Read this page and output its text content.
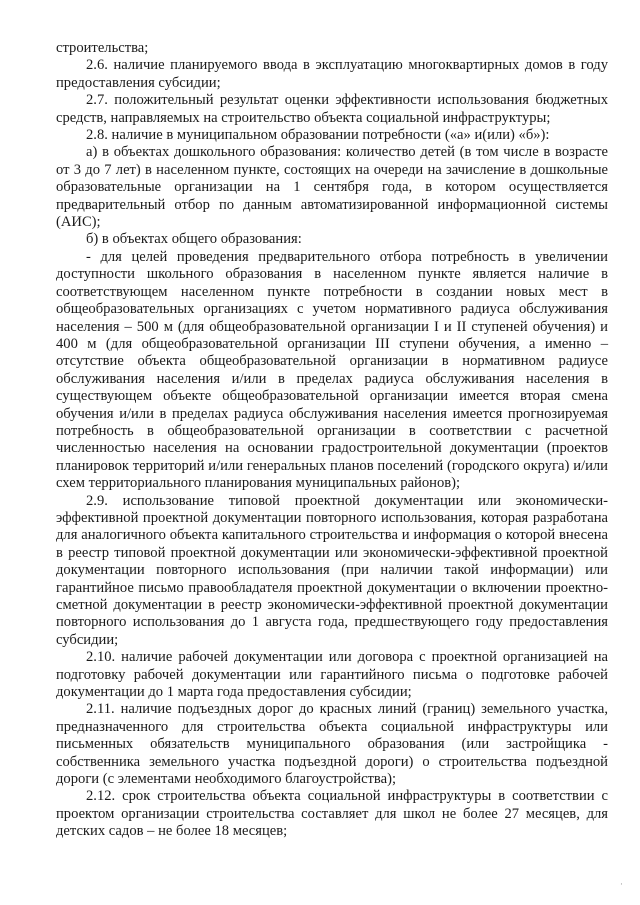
строительства;

2.6. наличие планируемого ввода в эксплуатацию многоквартирных домов в году предоставления субсидии;

2.7. положительный результат оценки эффективности использования бюджетных средств, направляемых на строительство объекта социальной инфраструктуры;

2.8. наличие в муниципальном образовании потребности («а» и(или) «б»):

а) в объектах дошкольного образования: количество детей (в том числе в возрасте от 3 до 7 лет) в населенном пункте, состоящих на очереди на зачисление в дошкольные образовательные организации на 1 сентября года, в котором осуществляется предварительный отбор по данным автоматизированной информационной системы (АИС);

б) в объектах общего образования:

- для целей проведения предварительного отбора потребность в увеличении доступности школьного образования в населенном пункте является наличие в соответствующем населенном пункте потребности в создании новых мест в общеобразовательных организациях с учетом нормативного радиуса обслуживания населения – 500 м (для общеобразовательной организации I и II ступеней обучения) и 400 м (для общеобразовательной организации III ступени обучения, а именно – отсутствие объекта общеобразовательной организации в нормативном радиусе обслуживания населения и/или в пределах радиуса обслуживания населения в существующем объекте общеобразовательной организации имеется вторая смена обучения и/или в пределах радиуса обслуживания населения имеется прогнозируемая потребность в общеобразовательной организации в соответствии с расчетной численностью населения на основании градостроительной документации (проектов планировок территорий и/или генеральных планов поселений (городского округа) и/или схем территориального планирования муниципальных районов);

2.9. использование типовой проектной документации или экономически-эффективной проектной документации повторного использования, которая разработана для аналогичного объекта капитального строительства и информация о которой внесена в реестр типовой проектной документации или экономически-эффективной проектной документации повторного использования (при наличии такой информации) или гарантийное письмо правообладателя проектной документации о включении проектно-сметной документации в реестр экономически-эффективной проектной документации повторного использования до 1 августа года, предшествующего году предоставления субсидии;

2.10. наличие рабочей документации или договора с проектной организацией на подготовку рабочей документации или гарантийного письма о подготовке рабочей документации до 1 марта года предоставления субсидии;

2.11. наличие подъездных дорог до красных линий (границ) земельного участка, предназначенного для строительства объекта социальной инфраструктуры или письменных обязательств муниципального образования (или застройщика - собственника земельного участка подъездной дороги) о строительства подъездной дороги (с элементами необходимого благоустройства);

2.12. срок строительства объекта социальной инфраструктуры в соответствии с проектом организации строительства составляет для школ не более 27 месяцев, для детских садов – не более 18 месяцев;

·
